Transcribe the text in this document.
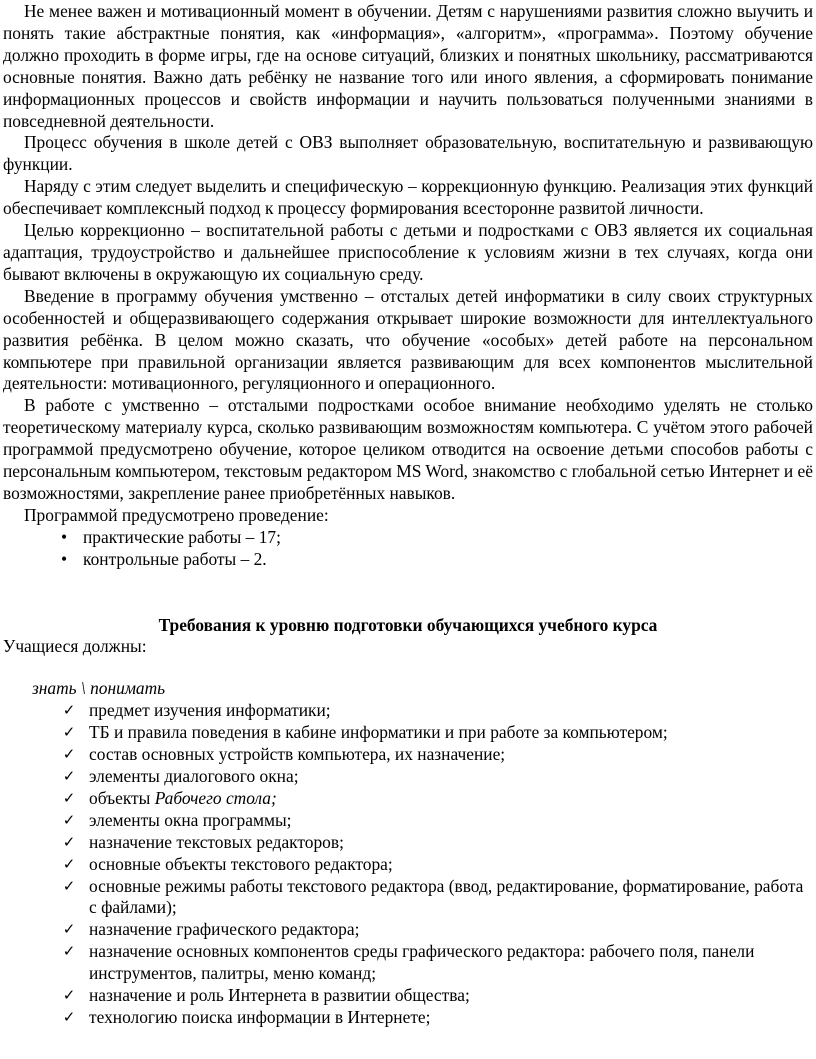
Не менее важен и мотивационный момент в обучении. Детям с нарушениями развития сложно выучить и понять такие абстрактные понятия, как «информация», «алгоритм», «программа». Поэтому обучение должно проходить в форме игры, где на основе ситуаций, близких и понятных школьнику, рассматриваются основные понятия. Важно дать ребёнку не название того или иного явления, а сформировать понимание информационных процессов и свойств информации и научить пользоваться полученными знаниями в повседневной деятельности.

Процесс обучения в школе детей с ОВЗ выполняет образовательную, воспитательную и развивающую функции.

Наряду с этим следует выделить и специфическую – коррекционную функцию. Реализация этих функций обеспечивает комплексный подход к процессу формирования всесторонне развитой личности.

Целью коррекционно – воспитательной работы с детьми и подростками с ОВЗ является их социальная адаптация, трудоустройство и дальнейшее приспособление к условиям жизни в тех случаях, когда они бывают включены в окружающую их социальную среду.

Введение в программу обучения умственно – отсталых детей информатики в силу своих структурных особенностей и общеразвивающего содержания открывает широкие возможности для интеллектуального развития ребёнка. В целом можно сказать, что обучение «особых» детей работе на персональном компьютере при правильной организации является развивающим для всех компонентов мыслительной деятельности: мотивационного, регуляционного и операционного.

В работе с умственно – отсталыми подростками особое внимание необходимо уделять не столько теоретическому материалу курса, сколько развивающим возможностям компьютера. С учётом этого рабочей программой предусмотрено обучение, которое целиком отводится на освоение детьми способов работы с персональным компьютером, текстовым редактором MS Word, знакомство с глобальной сетью Интернет и её возможностями, закрепление ранее приобретённых навыков.

Программой предусмотрено проведение:

• практические работы – 17;
• контрольные работы – 2.
Требования к уровню подготовки обучающихся учебного курса

Учащиеся должны:

знать \ понимать

✓ предмет изучения информатики;
✓ ТБ и правила поведения в кабине информатики и при работе за компьютером;
✓ состав основных устройств компьютера, их назначение;
✓ элементы диалогового окна;
✓ объекты Рабочего стола;
✓ элементы окна программы;
✓ назначение текстовых редакторов;
✓ основные объекты текстового редактора;
✓ основные режимы работы текстового редактора (ввод, редактирование, форматирование, работа с файлами);
✓ назначение графического редактора;
✓ назначение основных компонентов среды графического редактора: рабочего поля, панели инструментов, палитры, меню команд;
✓ назначение и роль Интернета в развитии общества;
✓ технологию поиска информации в Интернете;
